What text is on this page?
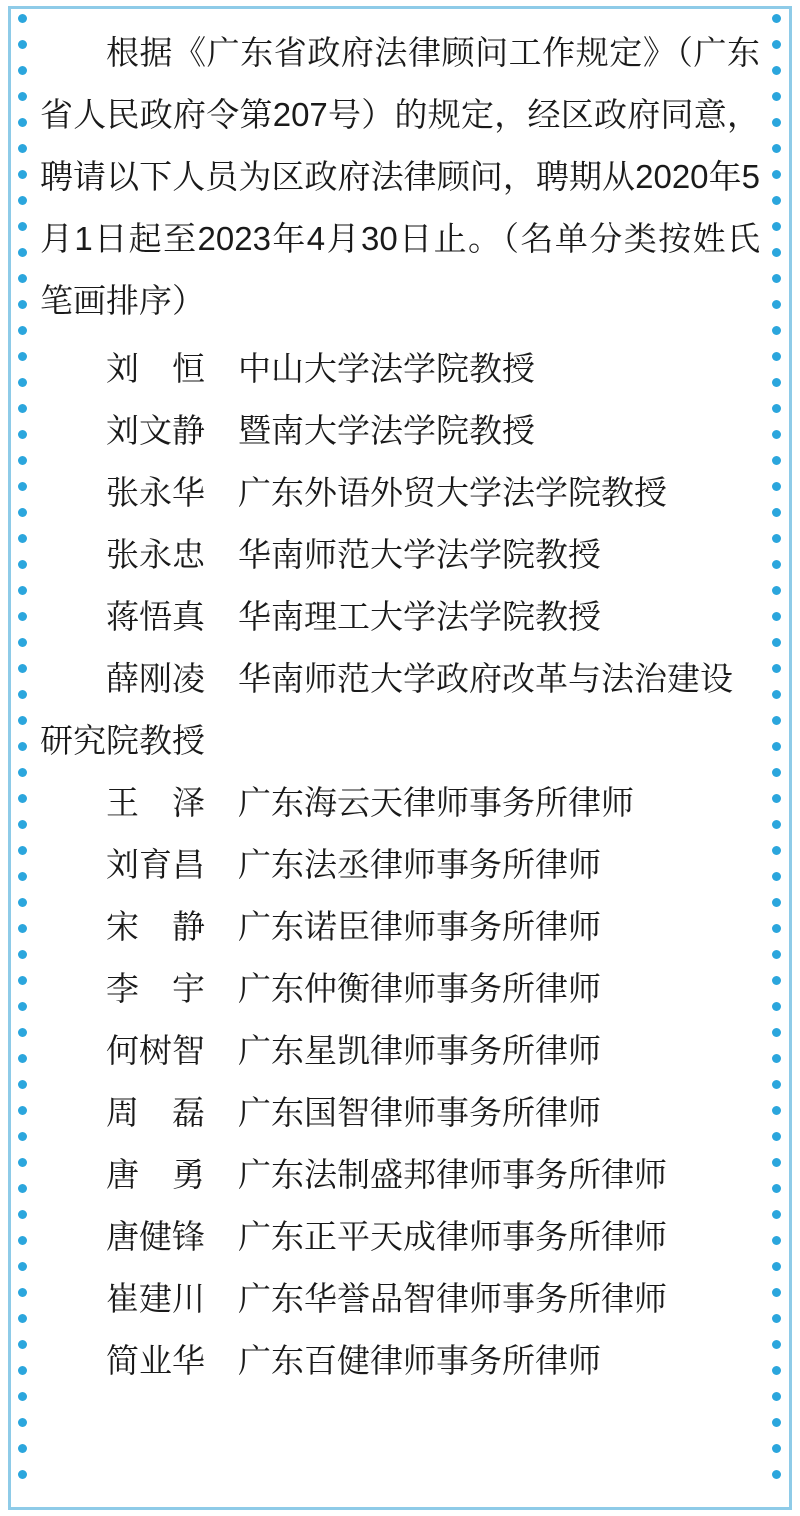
根据《广东省政府法律顾问工作规定》（广东省人民政府令第207号）的规定，经区政府同意，聘请以下人员为区政府法律顾问，聘期从2020年5月1日起至2023年4月30日止。（名单分类按姓氏笔画排序）

刘　恒　 中山大学法学院教授

刘文静　 暨南大学法学院教授

张永华　 广东外语外贸大学法学院教授

张永忠　 华南师范大学法学院教授

蒋悟真　 华南理工大学法学院教授

薛刚凌　 华南师范大学政府改革与法治建设研究院教授

王　泽　 广东海云天律师事务所律师

刘育昌　 广东法丞律师事务所律师

宋　静　 广东诺臣律师事务所律师

李　宇　 广东仲衡律师事务所律师

何树智　 广东星凯律师事务所律师

周　磊　 广东国智律师事务所律师

唐　勇　 广东法制盛邦律师事务所律师

唐健锋　 广东正平天成律师事务所律师

崔建川　 广东华誉品智律师事务所律师

简业华　 广东百健律师事务所律师
